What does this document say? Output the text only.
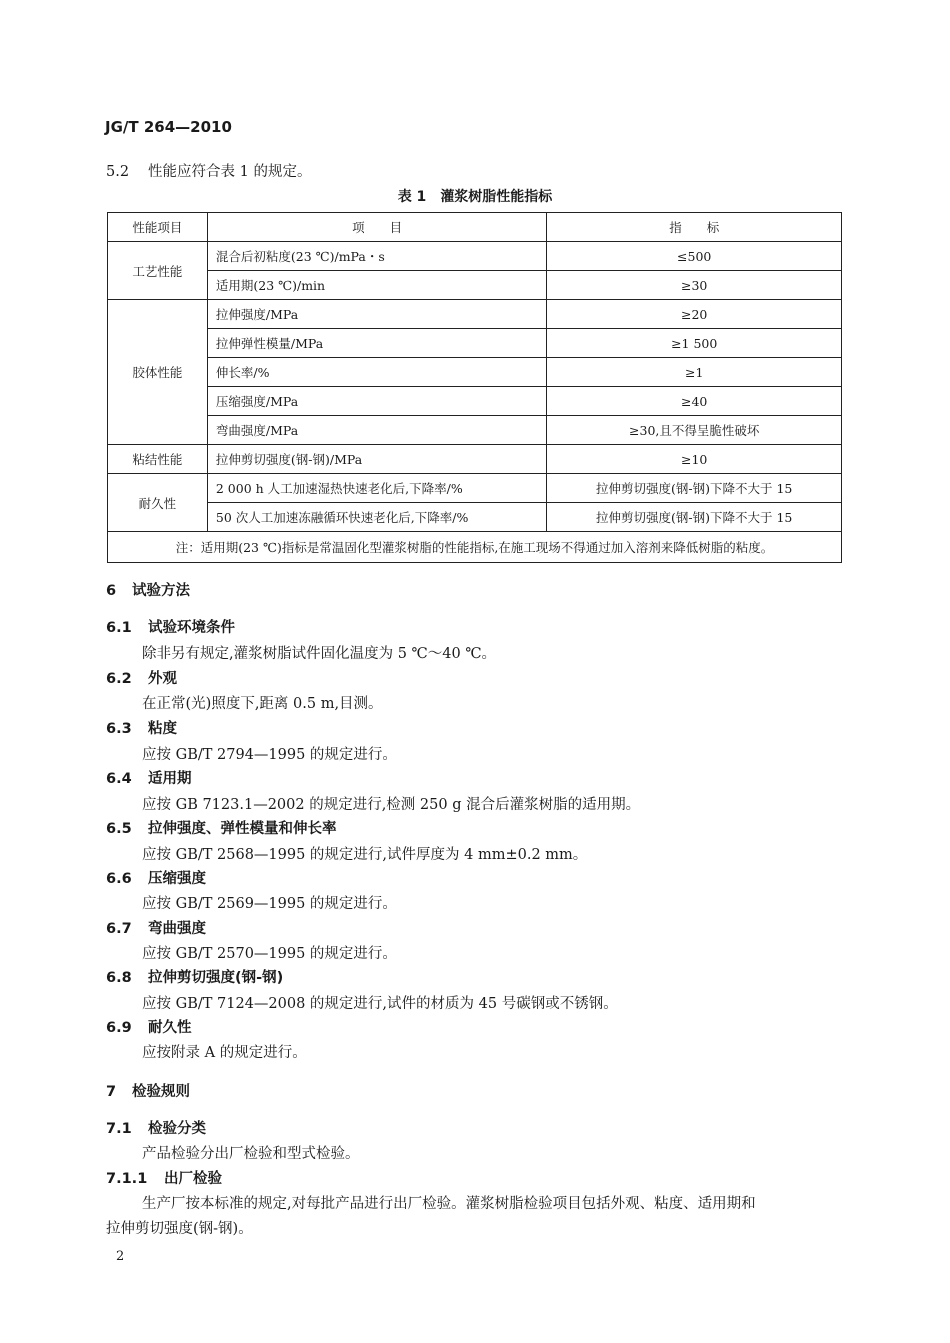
JG/T 264—2010
5.2 性能应符合表 1 的规定。
表 1 灌浆树脂性能指标
性能项目	项　　目	指　　标
工艺性能	混合后初粘度(23 ℃)/mPa・s	≤500
	适用期(23 ℃)/min	≥30
胶体性能	拉伸强度/MPa	≥20
	拉伸弹性模量/MPa	≥1 500
	伸长率/%	≥1
	压缩强度/MPa	≥40
	弯曲强度/MPa	≥30,且不得呈脆性破坏
粘结性能	拉伸剪切强度(钢-钢)/MPa	≥10
耐久性	2 000 h 人工加速湿热快速老化后,下降率/%	拉伸剪切强度(钢-钢)下降不大于 15
	50 次人工加速冻融循环快速老化后,下降率/%	拉伸剪切强度(钢-钢)下降不大于 15
注：适用期(23 ℃)指标是常温固化型灌浆树脂的性能指标,在施工现场不得通过加入溶剂来降低树脂的粘度。		
6 试验方法
6.1 试验环境条件
除非另有规定,灌浆树脂试件固化温度为 5 ℃～40 ℃。
6.2 外观
在正常(光)照度下,距离 0.5 m,目测。
6.3 粘度
应按 GB/T 2794—1995 的规定进行。
6.4 适用期
应按 GB 7123.1—2002 的规定进行,检测 250 g 混合后灌浆树脂的适用期。
6.5 拉伸强度、弹性模量和伸长率
应按 GB/T 2568—1995 的规定进行,试件厚度为 4 mm±0.2 mm。
6.6 压缩强度
应按 GB/T 2569—1995 的规定进行。
6.7 弯曲强度
应按 GB/T 2570—1995 的规定进行。
6.8 拉伸剪切强度(钢-钢)
应按 GB/T 7124—2008 的规定进行,试件的材质为 45 号碳钢或不锈钢。
6.9 耐久性
应按附录 A 的规定进行。
7 检验规则
7.1 检验分类
产品检验分出厂检验和型式检验。
7.1.1 出厂检验
生产厂按本标准的规定,对每批产品进行出厂检验。灌浆树脂检验项目包括外观、粘度、适用期和
拉伸剪切强度(钢-钢)。
2
